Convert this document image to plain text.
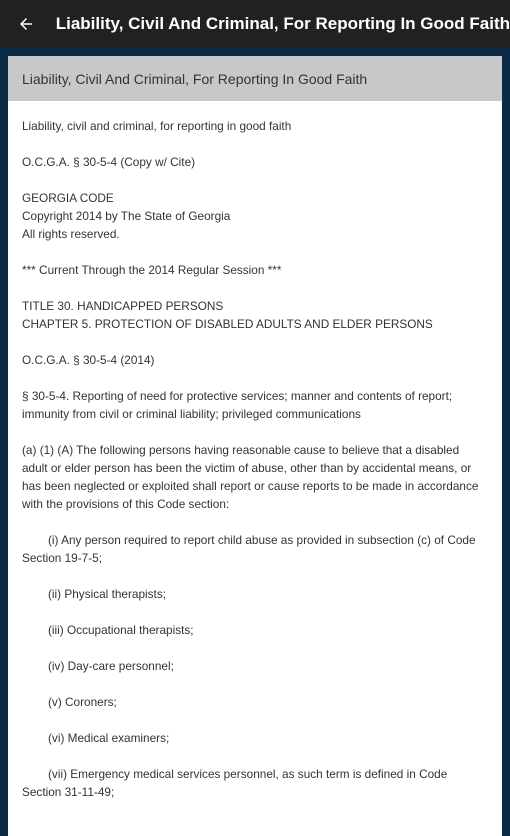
Liability, Civil And Criminal, For Reporting In Good Faith
Liability, Civil And Criminal, For Reporting In Good Faith

Liability, civil and criminal, for reporting in good faith

O.C.G.A. § 30-5-4 (Copy w/ Cite)

GEORGIA CODE
Copyright 2014 by The State of Georgia
All rights reserved.

*** Current Through the 2014 Regular Session ***

TITLE 30. HANDICAPPED PERSONS
CHAPTER 5. PROTECTION OF DISABLED ADULTS AND ELDER PERSONS

O.C.G.A. § 30-5-4 (2014)

§ 30-5-4. Reporting of need for protective services; manner and contents of report; immunity from civil or criminal liability; privileged communications

(a) (1) (A) The following persons having reasonable cause to believe that a disabled adult or elder person has been the victim of abuse, other than by accidental means, or has been neglected or exploited shall report or cause reports to be made in accordance with the provisions of this Code section:

(i) Any person required to report child abuse as provided in subsection (c) of Code Section 19-7-5;

(ii) Physical therapists;

(iii) Occupational therapists;

(iv) Day-care personnel;

(v) Coroners;

(vi) Medical examiners;

(vii) Emergency medical services personnel, as such term is defined in Code Section 31-11-49;
